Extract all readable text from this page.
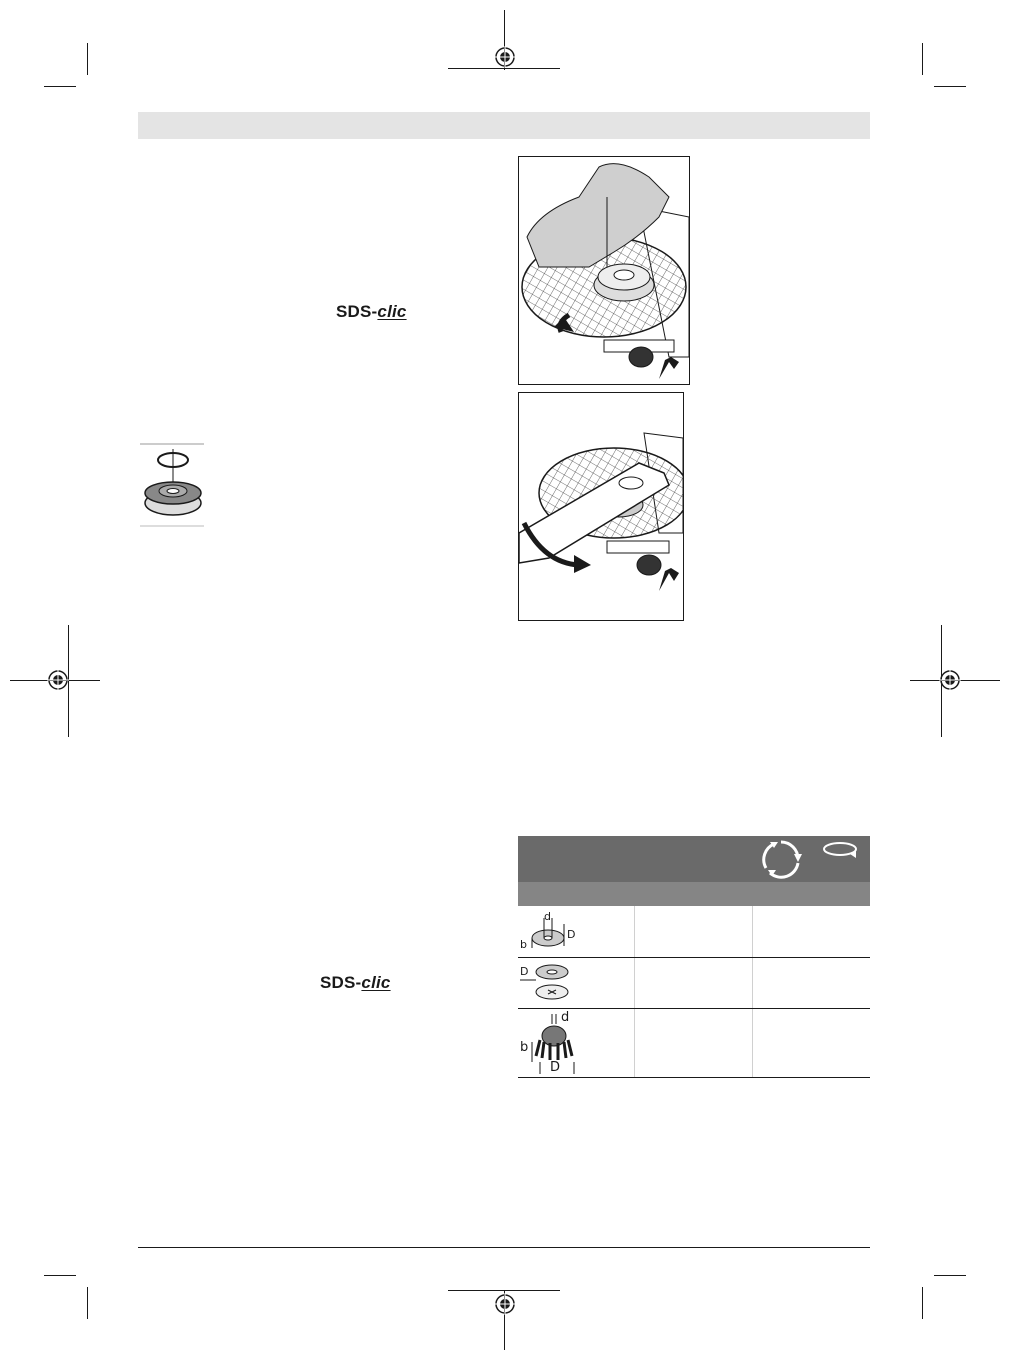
SDS-clic
SDS-clic
d
D
b
D
d
b
D
